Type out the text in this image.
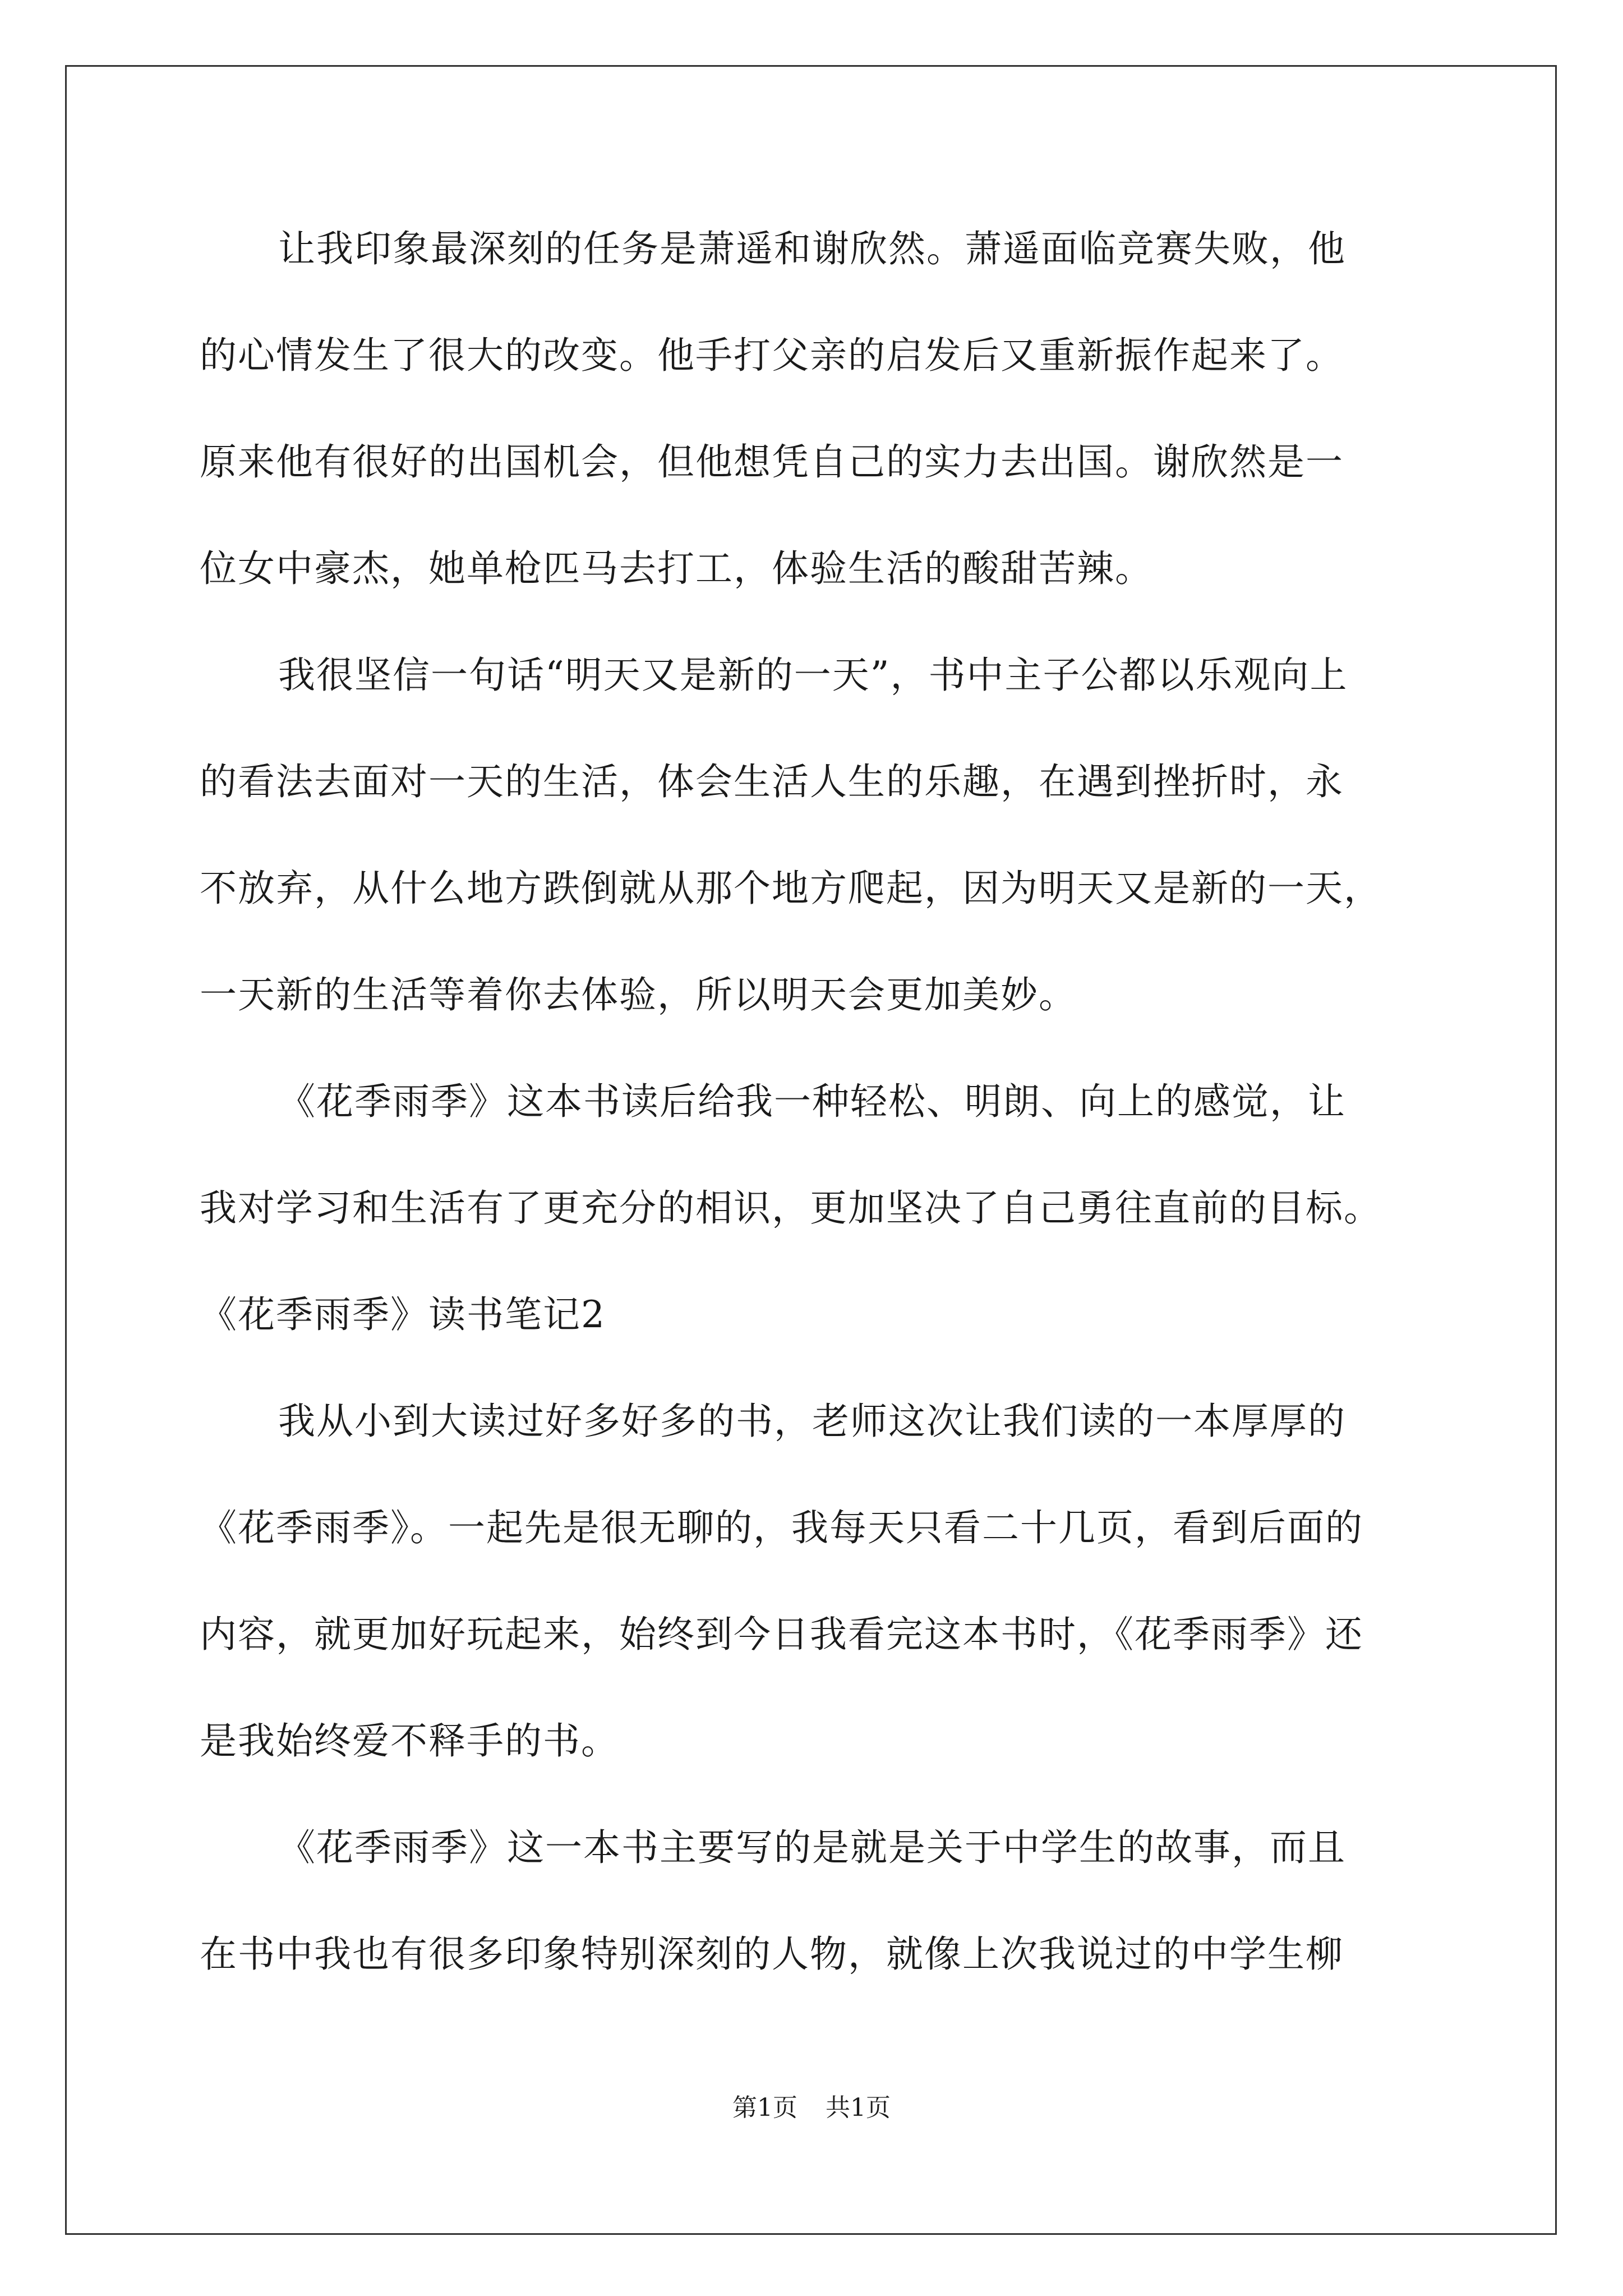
让我印象最深刻的任务是萧遥和谢欣然。萧遥面临竞赛失败，他
的心情发生了很大的改变。他手打父亲的启发后又重新振作起来了。
原来他有很好的出国机会，但他想凭自己的实力去出国。谢欣然是一
位女中豪杰，她单枪匹马去打工，体验生活的酸甜苦辣。
我很坚信一句话“明天又是新的一天”，书中主子公都以乐观向上
的看法去面对一天的生活，体会生活人生的乐趣，在遇到挫折时，永
不放弃，从什么地方跌倒就从那个地方爬起，因为明天又是新的一天，
一天新的生活等着你去体验，所以明天会更加美妙。
《花季雨季》这本书读后给我一种轻松、明朗、向上的感觉，让
我对学习和生活有了更充分的相识，更加坚决了自己勇往直前的目标。
《花季雨季》读书笔记2
我从小到大读过好多好多的书，老师这次让我们读的一本厚厚的
《花季雨季》。一起先是很无聊的，我每天只看二十几页，看到后面的
内容，就更加好玩起来，始终到今日我看完这本书时，《花季雨季》还
是我始终爱不释手的书。
《花季雨季》这一本书主要写的是就是关于中学生的故事，而且
在书中我也有很多印象特别深刻的人物，就像上次我说过的中学生柳
第1页 共1页
